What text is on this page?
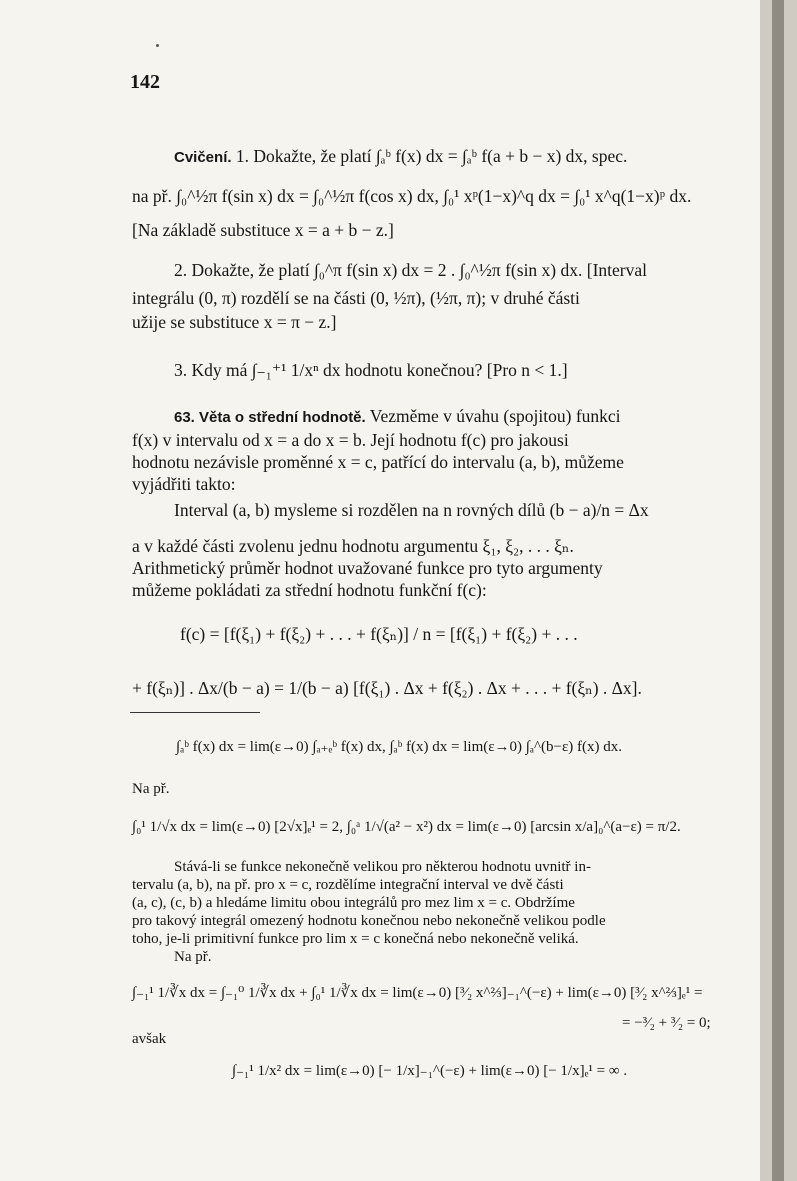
142
Cvičení. 1. Dokažte, že platí ∫ₐᵇ f(x) dx = ∫ₐᵇ f(a + b − x) dx, spec.
na př. ∫₀^½π f(sin x) dx = ∫₀^½π f(cos x) dx, ∫₀¹ xᵖ(1−x)^q dx = ∫₀¹ x^q(1−x)ᵖ dx.
[Na základě substituce x = a + b − z.]
2. Dokažte, že platí ∫₀^π f(sin x) dx = 2 . ∫₀^½π f(sin x) dx. [Interval
integrálu (0, π) rozdělí se na části (0, ½π), (½π, π); v druhé části
užije se substituce x = π − z.]
3. Kdy má ∫₋₁⁺¹ 1/xⁿ dx hodnotu konečnou? [Pro n < 1.]
63. Věta o střední hodnotě. Vezměme v úvahu (spojitou) funkci
f(x) v intervalu od x = a do x = b. Její hodnotu f(c) pro jakousi
hodnotu nezávisle proměnné x = c, patřící do intervalu (a, b), můžeme
vyjádřiti takto:
Interval (a, b) mysleme si rozdělen na n rovných dílů (b − a)/n = Δx
a v každé části zvolenu jednu hodnotu argumentu ξ₁, ξ₂, . . . ξₙ.
Arithmetický průměr hodnot uvažované funkce pro tyto argumenty
můžeme pokládati za střední hodnotu funkční f(c):
f(c) = [f(ξ₁) + f(ξ₂) + . . . + f(ξₙ)] / n = [f(ξ₁) + f(ξ₂) + . . .
+ f(ξₙ)] . Δx/(b − a) = 1/(b − a) [f(ξ₁) . Δx + f(ξ₂) . Δx + . . . + f(ξₙ) . Δx].
∫ₐᵇ f(x) dx = lim(ε→0) ∫ₐ₊ₑᵇ f(x) dx, ∫ₐᵇ f(x) dx = lim(ε→0) ∫ₐ^(b−ε) f(x) dx.
Na př.
∫₀¹ 1/√x dx = lim(ε→0) [2√x]ₑ¹ = 2, ∫₀ᵃ 1/√(a² − x²) dx = lim(ε→0) [arcsin x/a]₀^(a−ε) = π/2.
Stává-li se funkce nekonečně velikou pro některou hodnotu uvnitř in-
tervalu (a, b), na př. pro x = c, rozdělíme integrační interval ve dvě části
(a, c), (c, b) a hledáme limitu obou integrálů pro mez lim x = c. Obdržíme
pro takový integrál omezený hodnotu konečnou nebo nekonečně velikou podle
toho, je-li primitivní funkce pro lim x = c konečná nebo nekonečně veliká.
Na př.
∫₋₁¹ 1/∛x dx = ∫₋₁⁰ 1/∛x dx + ∫₀¹ 1/∛x dx = lim(ε→0) [³⁄₂ x^⅔]₋₁^(−ε) + lim(ε→0) [³⁄₂ x^⅔]ₑ¹ =
= −³⁄₂ + ³⁄₂ = 0;
avšak
∫₋₁¹ 1/x² dx = lim(ε→0) [− 1/x]₋₁^(−ε) + lim(ε→0) [− 1/x]ₑ¹ = ∞ .
